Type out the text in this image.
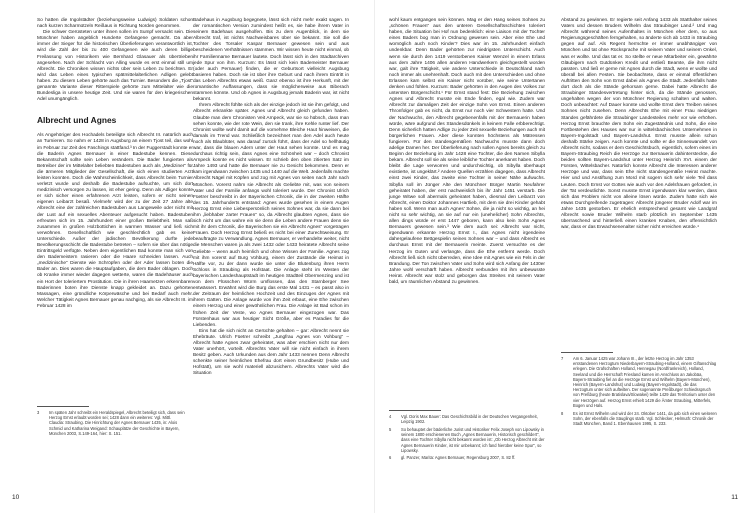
So hatten die Ingolstädter (beziehungsweise Ludwigs) Soldaten schon nach kurzen Scharmützeln Reißaus in Richtung Norden genommen.

Die schwer Gerüsteten unter ihnen sollen im Sumpf versackt sein. Die Münchner haben angeblich Hunderte Gefangene gemacht. Da aber immer der Sieger für die historischen Überlieferungen verantwortlich ist, wird die Zahl der bis zu 400 Gefangenen wie auch deren billige Freilassung von Historikern wie Bernhard Glasauer als übertrieben angesehen. Nach der Schlacht von Alling wurde es erst einmal still um Albrecht. Die Chroniken wissen nichts über sein Leben zu berichten. Er wird das Leben eines typischen spätmittelalterlichen Adligen gelebt haben. Zu diesem Leben gehörte auch das Turnier. Besonders die „Tjost“ genannte Variante dieser Ritterspiele gehörte zum Mittelalter wie die Bundesliga in unsere heutige Zeit. Und sie waren für den kriegerischen Adel unumgänglich.

Albrecht und Agnes

Als Angehöriger des Hochadels beteiligte sich Albrecht III. natürlich auch an Turnieren. So nahm er 1428 in Augsburg an einem Tjost teil, das wohl im Februar zur Zeit des Faschings stattfand.³ In der Fuggerstadt konnte er die Baderin Agnes Bernauer in einer Badestube kennen. Diese Bekanntschaft sollte sein Leben verändern. Die Bader fungierten als Betreiber der im Mittelalter beliebten Badestuben auch als „Mediziner“ für die ärmeren Mitglieder der Gesellschaft, die sich einen studierten Arzt leisten konnten. Doch die Wahrscheinlichkeit, dass Albrecht beim Turnier verletzt wurde und deshalb die Badestube aufsuchte, um sich dort medizinisch versorgen zu lassen, ist eher gering. Denn als Adliger konnte er sich sicher einen erfahrenen Arzt leisten, sofern er nicht seinen eigenen Leibarzt besaß. Vielmehr wird der zu der Zeit 27 Jahre alte Albrecht eine der zahlreichen Badestuben aus Langeweile oder nicht mit der Lust auf ein sexuelles Abenteuer aufgesucht haben. Badestuben erfreuten sich im 15. Jahrhundert einer großen Beliebtheit. Man saß zusammen in großen Holzbottichen in warmen Wasser und ließ sich verwöhnen. Gesellschaftlich wie geschlechtlich gab es keine Unterschiede. Außer der jüdischen Bevölkerung durfte jede Bevölkerungsschicht die Badestube betreten – sofern sie über das nötige Eintrittsgeld verfügte. Neben dem eigentlichen Bad konnte man sich von den Bademeistern rasieren oder die Haare schneiden lassen. Auch „medizinische“ Dienste wie Schröpfen oder der Ader lassen boten die Bader an. Dies waren die Hauptaufgaben, die dem Bader oblagen. Doch ob Kranke immer wieder dagegen wetterte, waren die Badehäuser auch ein Hort der toleriertem Prostitution. Die in ihren Haarnetzen erkennbaren Baderinnen boten ihre Dienste knapp gekleidet an. Dazu gehörten Massagen, eine gründliche Körperwäsche und bei Bedarf auch mehr. Welcher Tätigkeit Agnes Bernauer genau nachging, als sie Albrecht III. im Februar 1428 im

Badehaus in Augsburg begegnete, lässt sich nicht mehr exakt sagen. In der romantischen Version zumindest heißt es, sie habe ihrem Vater in seinem Badehaus ausgeholfen. Bis zu dem Augenblick, in dem sie Albrecht traf, ist nichts Nachweisbares über sie bekannt. Sie soll die Tochter des Torsaler Kaspar Bernauer gewesen sein und aus bescheidenen Verhältnissen stammen. Wir wissen heute nicht einmal, ob ihr Familienname Bernauer lautete. Doch lässt sich in den Stadtarchiven jede Spur von ihm. Kurzum: Es lässt sich kein Bademeister Bernauer (oder auch Pernauer) finden, die er Geburtsort vielleicht Augsburg basieren haben. Doch sie ist über ihre Geburt und nach ihrem Eintritt in das Leben Albrechts etwas weiß. Ganz ebenso ist ihre Herkunft, mit der romantische Auffassungen, dass sie möglicherweise aus Biberach stammen könnte. Und ob Agnes in Augsburg jemals Baderin war, ist nicht bekannt.

Ihrem Albrecht fühlte sich als der einzige jedoch ist sie ihm gefolgt, und Albrecht erkrankte später. Agnes und Albrecht gleich gefunden haben. Glaubte man dem Chronisten Veit Arnpeck, war sie so hübsch, dass man sehen konnte, wie der rote Wein, den sie trank, ihre Kehle runter lief. Der Chronist wollte wohl damit auf die vornehme Bleiche Haut hinweisen, die damals im Trend war. Schließlich bezeichnet man den Adel auch heute noch als Blaublüter, was darauf zurück führt, dass der Adel so hellhäutig war, dass die blauen Adern unter der Haut sehen konnte. Und es mag durchaus richtig sein, dass Agnes eine Schönheit war – doch Chronist Arnpeck konnte es nicht wissen. Er schrieb den oben zitierten Satz im Jahre 1493 und hatte die Bernauer nie zu Gesicht bekommen. Denn er kam irgendwann zwischen 1435 und 1440 auf die Welt. Jedenfalls machte Albrecht Nägel mit Köpfen und zog mit Agnes von seiten nach Jahr nach München. Vorerst nahm sie Albrecht als Geliebte mit, was von seinem Vater und der Familie anfangs wohl toleriert wurde. Der Chronist Ulrich Füetrer beschreibt in der Bayerischen Chronik, die in der zweiten Hälfte des 15. Jahrhunderts entstand: Agnes wurde gesehen in einem Augen Herzog Ernst eine Liebespersönlich seines Sohnes war, da sie dann bei ihm „liebhaber zarter Frauen“ so, da Albrecht glaubten Agnes, dass sie sich nicht um das wahre ein sie denn die Leben andere Frauen denn sie mit ihr dem Chronik, die Bayerischen sie ein Albrecht Agnes“ vorgetragen Frauen. Doch Herzog Ernst beließ es nicht bei einer Zurechtweisung. Er beauftragte zu Verwandlung. Agnes Bernauer, er verhandelte weiter, nicht die Menschen waren ja als zwei 1432 oder 1433 heiratete Albrecht seine Geliebte – wenn auch heimlich und ohne Wissen der Familie. Agnes zog mit ihm vorerst auf Burg Vohburg, einem der Zustände die Heimat in Hälfte vor, zu der dann wurde sie unter die Blutenburg ihren Herrn Schloss in Straubing als Hofstaat. Die Anlage steht im Westen der bayerischen Landeshauptstadt im heutigen Stadtteil Obermenzing und ist von dem Flüsschen Würm umflossen, das den Starnberger See entwässert. Erwähnt wird die Burg das erste Mal 1431 – es passt also in der Zeitraum der heimlichen Hochzeit und des Einzuges der Agnes mit ihrem Gatten. Die Anlage wurde von ihm Zeit erbaut, eine Ehe zwischen einem Herzog und einer gewöhnlichen Frau. Die Anlage ist Bad schon im frühen Zeit der Veste, wo Agnes Bernauer eingezogen war. Das Fürstenhaus war aus heutiger Sicht Größe, aber es Paradies für die Liebenden.

Eins hat die sich nicht an Gerüchte gehalten – gar: Albrecht nennt sie Ehebräute. Ulrich Füetrer schreibt „Jungfrau Agnes von Vohburg“ – Albrecht hatte Agnes zwar geheiratet, was aber erschien nicht nur dem Vater unerhört, vorteilt. Albrechts Vater will sie nicht einfach in ihrem Besitz geben. Auch Urkunden aus dem Jahr 1433 nennen Denn Albrecht schenkte seiner heimlichen Ehefrau dort einen Grundbesitz (Hube und Hofstatt), um sie wohl materiell abzusichern. Albrechts Vater wird die Situation

3	Im späten Jahr schreibt ein Heraldspiegel, Albrecht beteiligt sich, dass sein Herzog Ernst erlaubt worden sei; 1428 dann ein weiteres: Vgl. Mittl. Claudia: Straubing. Die Hinrichtung der Agnes Bernauer 1435, in: Alois Schmid und Katharina Weigand: Schauplätze der Geschichte in Bayern, München 2003, S.149-164, hier: S. 151.
10

wohl kaum entgangen sein können. Mag er den Hang seines Sohnes zu „schönen Frauen“ aus den unteren Gesellschaftsschichten toleriert haben, die Situation bei Hof nun bedenklich: eine Liaison mit der Tochter eines Baders bog man in Ordnung gewesen sein. Aber eine Ehe und womöglich auch noch Kinder? Dies war im 15. Jahrhundert einfach undenkbar. Denn Bader gehörten zur niedrigsten Unterschicht. Auch wenn sie durch den 1419 verstorbenen Kaiser Wenzel in einem Erlass aus dem Jahre 1406 allen anderen Handwerkern gleichgestellt worden war, galt ihre Tätigkeit, wie andere Unterschiede in Deutschland nach noch immer als unehrenhaft. Doch auch mit den Unterschieden und ohne Erlassen kam selbst ein Kaiser nicht vorüber, wie seine Untertanen denken und fühlen. Kurzum: Bader gehörten in den Augen des Volkes zur untersten Bürgerschicht.¹ Für Ernst stand fest: Die Beziehung zwischen Agnes und Albrecht musste ein Ende finden, egal wie. Zudem war Albrecht zur damaligen Zeit der einzige Sohn von Ernst. Einen anderen Thronfolger gab es nicht, da Ernst nur noch vier Schwestern hatte. Und der Nachwuchs, den Albrecht gegebenenfalls mit der Bernauerin haben würde, wäre aufgrund des Standesdünkels in keinem Falle erbberechtigt. Denn sicherlich hatten Adlige zu jeder Zeit sexuelle Beziehungen auch mit bürgerlichen Frauen. Aber diese konnten höchstens als Mätressen fungieren. Für den standesgemäßen Nachwuchs musste dann doch adelige Damen her. Der Überlieferung nach sollen Agnes bereits gleich zu Beginn der Beziehung im Jahr 1428 eine Tochter, die den Namen Sibylla bekam. Albrecht soll sie als seine leibliche Tochter anerkannt haben. Doch bleibt die Lage verworren und undurchsichtig, ob Sibylla überhaupt existierte, ist ungeklärt.² Andere Quellen erzählen dagegen, dass Albrecht einst zwei Kinder, das zweite eine Tochter in seiner Nähe aufwuchs. Sibylla soll im Jünger Alte den Münchner Bürger Martin Neufahrer geheiratet haben, der erst nachweislich bis ihr Jahr 1451 verstarb. Die junge Witwe soll abermals geheiratet haben, diesmal den Leibarzt von Albrecht, einen Doktor Johannes Hartlieb, mit dem sie drei Kinder gehabt haben soll. Wenn man auch Agnes' Sohne, die ja nicht so wichtig, an hei nicht so sehr wichtig, an sie auf nur ein (unehelicher) Sohn Albrechts, allen dings würde er erst 1447 geboren, kann also kein Sohn Agnes Bernauers gewesen sein.³ Wie dem auch sei: Albrecht war nicht, irgendwann erkannte Herzog Ernst I., das Agnes nicht irgendeine dahergelaufene Bettgespielin seines Sohnes war – und dass Albrecht es durchaus Ernst mit der Bernauerin meinte. Zuerst versuchte es der Herzog im Guten und verlangte, dass die Ehe entfernt werde. Doch Albrecht ließ sich nicht überreden, eine Idee mit Agnes wie ein Fels in der Brandung. Der Ton zwischen Vater und Sohn wird sich Anfang der 1430er Jahre wohl verschärft haben. Albrecht verbunden mit ihm unbewusste Heirat. Albrecht war stolz und geborgen das Streites mit seinem Vater bald, um räumlichen Abstand zu gewinnen.

Abstand zu gewinnen. Er regierte seit Anfang 1433 als Statthalter seines Vaters und dessen Bruders Wilhelm das Straubinger Land.² Und mag Albrecht während seines Aufenthaltes in München eher dem, so aus Regierungsgeschäften ferngehalten, so änderte sich ab 1433 in Straubing gegen auf auf. Als Regent herrschte er immer unabhängiger von München und tat ohne Rücksprache mit seinem Vater und seinem Onkel, was er wollte. Und das tat er. So stellte er neue Mitarbeiter ein, gewährte Gläubigern nach Gutdünken Kredit und entließ Beamte, die ihm nicht passten. Und ließ er gerne mit Agnes durch die Stadt, wenn er wollte und überall bei allen Festen. Sie beobachtete, dass er einmal öffentlichen Auftritten den Sohn von Ernst dabei als Agnes die Stadt. Jedenfalls hatte dort doch als die Stände gehorsam gerne. Dabei hatte Albrecht die Straubinger Standesvertretung hinter sich, da die Stände genossen, ungehalten wegen der von Münchner Regierung schalten und walten. Doch unbeachtet: Auf Dauer konnte und wollte Ernst dem Treiben seines Sohnes nicht zusehen. Denn Albrechts Ehe mit einer Frau niedrigen Standes gefährdete die Straubinger Landesteiles mehr vor wie erhöhen. Herzog Ernst brauchte dem Sohn ein Zugeständnis und Sohn, die eine Fortbestehen des Hauses war nur in wittelsbachisches Unternehmen in Bayern-Ingolstadt und Bayern-Landshut. Ernst musste allein schon deshalb Stärke zeigen. Auch konnte und sollte er die Sinneswandelt von Albrecht nicht, sodass er dem Geschichtsbuch, eigentlich, sofern eines im Bayern-Straubing Reich die Herzöge zur Bernauerin dahintersteckte, die beiden sollten Bayern-Landshut unter Herzog Heinrich XVI. einem der Fürsten, Wittelsbacher. Natürlich konnte Albrecht die Interessen anderer Herzöge und war, dass sein Ehe nicht standesgemäße Heirat machte. Hier und und Anstiftung zum Mord mit sogern sich sehr viele Teil dass Leuten. Doch Ernst vor Gottes wie auch vor den Adelsfrauen gefordert, in der Tat verdeutlichte. Sonst musste Ernst irgendwann klar werden, dass sich das Problem nicht von alleine lösen würde. Zudem hatte sich wie etwas Durchgreifende zugetragen: Albrecht jüngerer Bruder Adolf war im Jahre 1435 gestorben. Er ehelich entsprechend gesamt wie Landgraf Albrecht sowie Bruder Wilhelm starb plötzlich im September 1435 überraschend und hinterließ einen kranken Knaben, den offensichtlich war, dass er das Erwachsenenalter sicher nicht erreichen würde.⁴

4	Vgl. Doris Max Bauer: Das Geschichtsbild in der Deutschen Vergangenheit, Leipzig 1902.
5	So behauptet der bäderliche Jurist und Historiker Felix Joseph von Lipowsky in seinem 1800 erschienenen Buch „Agnes Bernauerin, Historisch geschildert“, dass eine Tochter Sibylla nicht bekannt worden ist: „Ob Herzog Albrecht mit der Agnes Bernauerin Kinder, ist mir unbekannt; ich fand hierüber keine Spur“, so Lipowsky.
6	gl. Panzer, Marita: Agnes Bernauer, Regensburg 2007, S. 82 ff.
7	Am 6. Januar 1425 war Johann III., der letzte Herzog im Jahr 1353 entstandenen Herzogtum Niederbayern-Straubing-Holland, einem Giftanschlag erlegen. Die Grafschaften Holland, Hennegau (Nordfrankreich), Holland, Seeland und die Herrschaft Friesland kamen im Anschluss an Jakobäa, Bayern-Straubing fiel an die Herzöge Ernst und Wilhelm (Bayern-München), Heinrich (Bayern-Landshut) und Ludwig (Bayern-Ingolstadt), die das Herzogtum unter sich aufteilten. Der sogenannte Preßburger Schiedsspruch von Preßburg (heute Bratislava/Slowakei) teilte 1429 das Territorium unter den vier Herzögen auf. Herzog Ernst erhielt 1429 die Ämter Straubing, Mitterfels, Bogen und Hals.
8	Es ist Ernst Wilhelm und wird der 24. Oktober 1441, da gab sich einen weiteren Sohn, der ebenfalls die Säuglings starb. Vgl. Schlecker, Helmuth: Chronik der Stadt München, Band 1. Ebenhausen 1995, S. 233.
11
